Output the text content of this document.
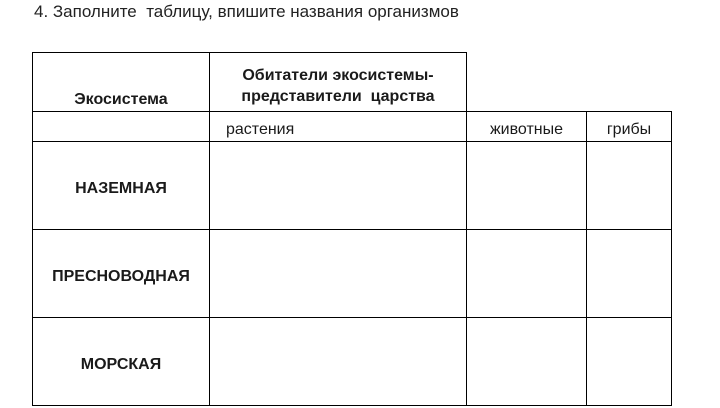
4. Заполните  таблицу, впишите названия организмов
Экосистема
Обитатели экосистемы-
представители  царства
растения	животные	грибы
НАЗЕМНАЯ
ПРЕСНОВОДНАЯ
МОРСКАЯ
